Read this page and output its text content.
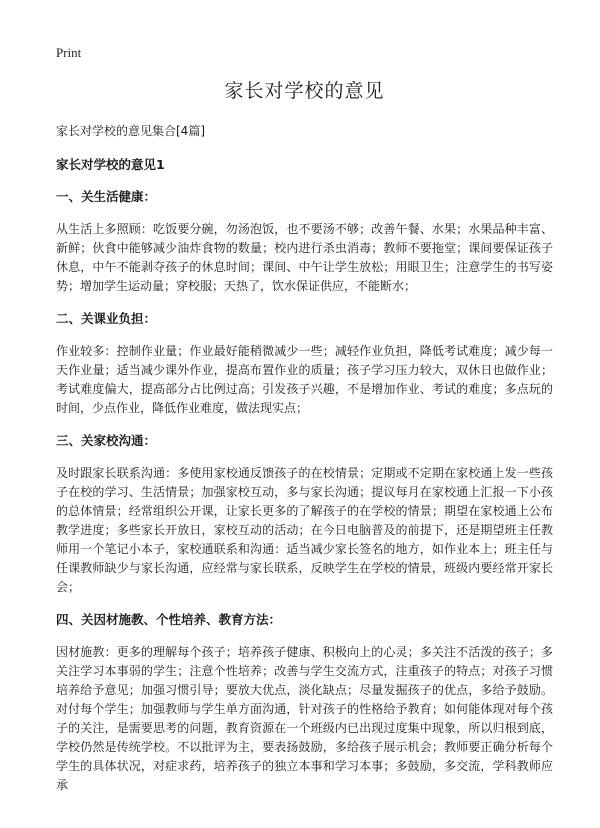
Print
家长对学校的意见
家长对学校的意见集合[4篇]
家长对学校的意见1
一、关生活健康：

从生活上多照顾：吃饭要分碗，勿汤泡饭，也不要汤不够；改善午餐、水果；水果品种丰富、新鲜；伙食中能够减少油炸食物的数量；校内进行杀虫消毒；教师不要拖堂；课间要保证孩子休息，中午不能剥夺孩子的休息时间；课间、中午让学生放松；用眼卫生；注意学生的书写姿势；增加学生运动量；穿校服；天热了，饮水保证供应，不能断水；

二、关课业负担：

作业较多：控制作业量；作业最好能稍微减少一些；减轻作业负担，降低考试难度；减少每一天作业量；适当减少课外作业，提高布置作业的质量；孩子学习压力较大，双休日也做作业；考试难度偏大，提高部分占比例过高；引发孩子兴趣，不是增加作业、考试的难度；多点玩的时间，少点作业，降低作业难度，做法现实点；

三、关家校沟通：

及时跟家长联系沟通：多使用家校通反馈孩子的在校情景；定期或不定期在家校通上发一些孩子在校的学习、生活情景；加强家校互动，多与家长沟通；提议每月在家校通上汇报一下小孩的总体情景；经常组织公开课，让家长更多的了解孩子的在学校的情景；期望在家校通上公布教学进度；多些家长开放日，家校互动的活动；在今日电脑普及的前提下，还是期望班主任教师用一个笔记小本子，家校通联系和沟通：适当减少家长签名的地方，如作业本上；班主任与任课教师缺少与家长沟通，应经常与家长联系，反映学生在学校的情景，班级内要经常开家长会；

四、关因材施教、个性培养、教育方法：

因材施教：更多的理解每个孩子；培养孩子健康、积极向上的心灵；多关注不活泼的孩子；多关注学习本事弱的学生；注意个性培养；改善与学生交流方式，注重孩子的特点；对孩子习惯培养给予意见；加强习惯引导；要放大优点，淡化缺点；尽量发掘孩子的优点，多给予鼓励。对付每个学生；加强教师与学生单方面沟通，针对孩子的性格给予教育；如何能体现对每个孩子的关注，是需要思考的问题，教育资源在一个班级内已出现过度集中现象，所以归根到底，学校仍然是传统学校。不以批评为主，要表扬鼓励，多给孩子展示机会；教师要正确分析每个学生的具体状况，对症求药，培养孩子的独立本事和学习本事；多鼓励，多交流，学科教师应承
